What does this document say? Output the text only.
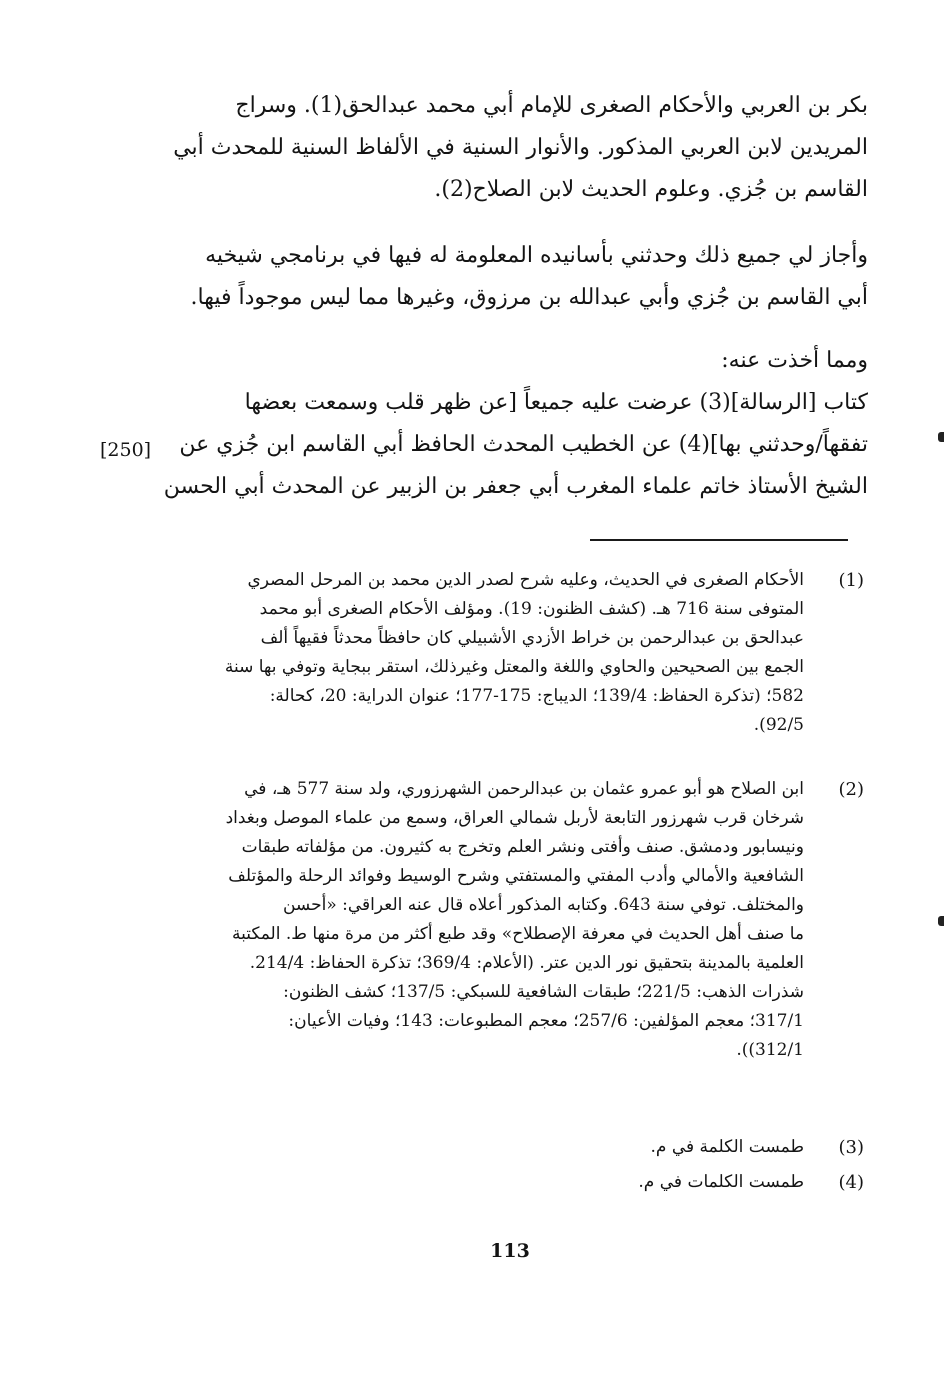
بكر بن العربي والأحكام الصغرى للإمام أبي محمد عبدالحق(1). وسراج
المريدين لابن العربي المذكور. والأنوار السنية في الألفاظ السنية للمحدث أبي
القاسم بن جُزي. وعلوم الحديث لابن الصلاح(2).
وأجاز لي جميع ذلك وحدثني بأسانيده المعلومة له فيها في برنامجي شيخيه
أبي القاسم بن جُزي وأبي عبدالله بن مرزوق، وغيرها مما ليس موجوداً فيها.
ومما أخذت عنه:
كتاب [الرسالة](3) عرضت عليه جميعاً [عن ظهر قلب وسمعت بعضها
تفقهاً/وحدثني بها](4) عن الخطيب المحدث الحافظ أبي القاسم ابن جُزي عن
الشيخ الأستاذ خاتم علماء المغرب أبي جعفر بن الزبير عن المحدث أبي الحسن
[250]
(1)
الأحكام الصغرى في الحديث، وعليه شرح لصدر الدين محمد بن المرحل المصري
المتوفى سنة 716 هـ. (كشف الظنون: 19). ومؤلف الأحكام الصغرى أبو محمد
عبدالحق بن عبدالرحمن بن خراط الأزدي الأشبيلي كان حافظاً محدثاً فقيهاً ألف
الجمع بين الصحيحين والحاوي واللغة والمعتل وغيرذلك، استقر ببجاية وتوفي بها سنة
582؛ (تذكرة الحفاظ: 139/4؛ الديباج: 175-177؛ عنوان الدراية: 20، كحالة:
92/5).
(2)
ابن الصلاح هو أبو عمرو عثمان بن عبدالرحمن الشهرزوري، ولد سنة 577 هـ، في
شرخان قرب شهرزور التابعة لأربل شمالي العراق، وسمع من علماء الموصل وبغداد
ونيسابور ودمشق. صنف وأفتى ونشر العلم وتخرج به كثيرون. من مؤلفاته طبقات
الشافعية والأمالي وأدب المفتي والمستفتي وشرح الوسيط وفوائد الرحلة والمؤتلف
والمختلف. توفي سنة 643. وكتابه المذكور أعلاه قال عنه العراقي: «أحسن
ما صنف أهل الحديث في معرفة الإصطلاح» وقد طبع أكثر من مرة منها ط. المكتبة
العلمية بالمدينة بتحقيق نور الدين عتر. (الأعلام: 369/4؛ تذكرة الحفاظ: 214/4.
شذرات الذهب: 221/5؛ طبقات الشافعية للسبكي: 137/5؛ كشف الظنون:
317/1؛ معجم المؤلفين: 257/6؛ معجم المطبوعات: 143؛ وفيات الأعيان:
312/1)).
(3)
طمست الكلمة في م.
(4)
طمست الكلمات في م.
113
